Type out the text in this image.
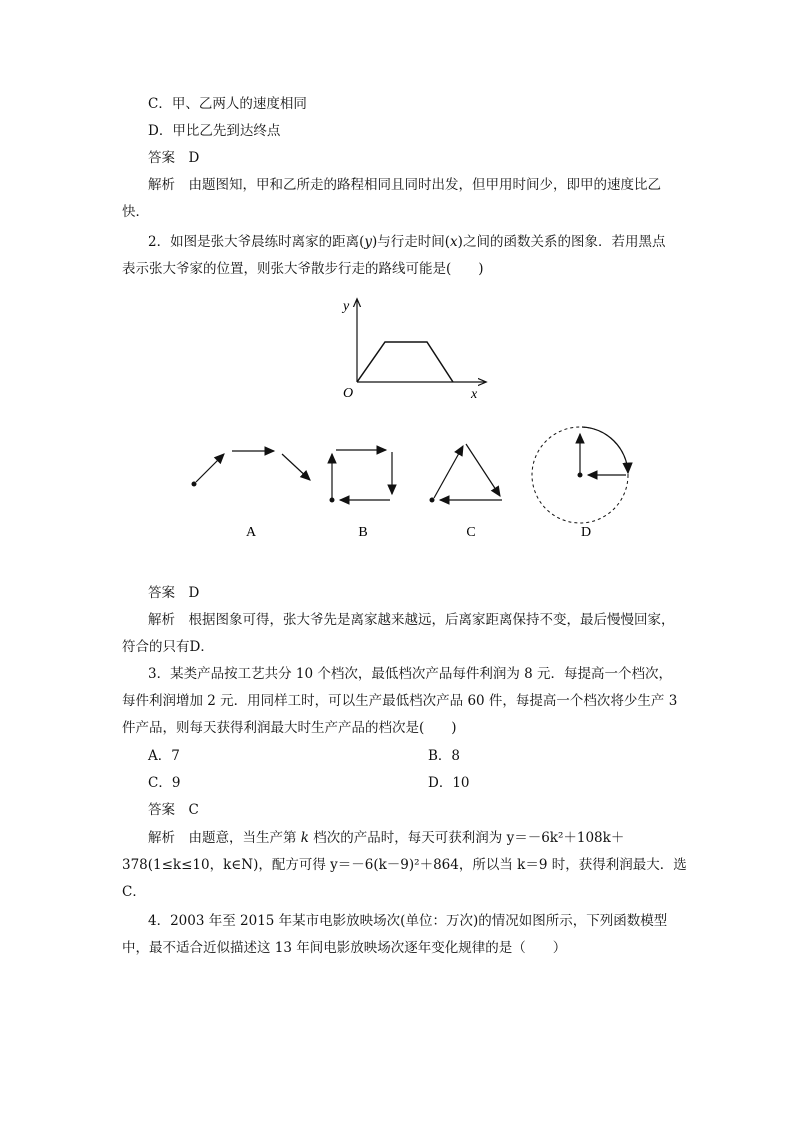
C．甲、乙两人的速度相同
D．甲比乙先到达终点
答案　D
解析　由题图知，甲和乙所走的路程相同且同时出发，但甲用时间少，即甲的速度比乙
快．
2．如图是张大爷晨练时离家的距离(y)与行走时间(x)之间的函数关系的图象．若用黑点
表示张大爷家的位置，则张大爷散步行走的路线可能是(　　)
y
x
O
A	B	C	D
答案　D
解析　根据图象可得，张大爷先是离家越来越远，后离家距离保持不变，最后慢慢回家，
符合的只有D．
3．某类产品按工艺共分 10 个档次，最低档次产品每件利润为 8 元．每提高一个档次，
每件利润增加 2 元．用同样工时，可以生产最低档次产品 60 件，每提高一个档次将少生产 3
件产品，则每天获得利润最大时生产产品的档次是(　　)
A．7	B．8
C．9	D．10
答案　C
解析　由题意，当生产第 k 档次的产品时，每天可获利润为 y＝－6k²＋108k＋
378(1≤k≤10，k∈N)，配方可得 y＝－6(k－9)²＋864，所以当 k＝9 时，获得利润最大．选
C．
4．2003 年至 2015 年某市电影放映场次(单位：万次)的情况如图所示，下列函数模型
中，最不适合近似描述这 13 年间电影放映场次逐年变化规律的是（　　）
